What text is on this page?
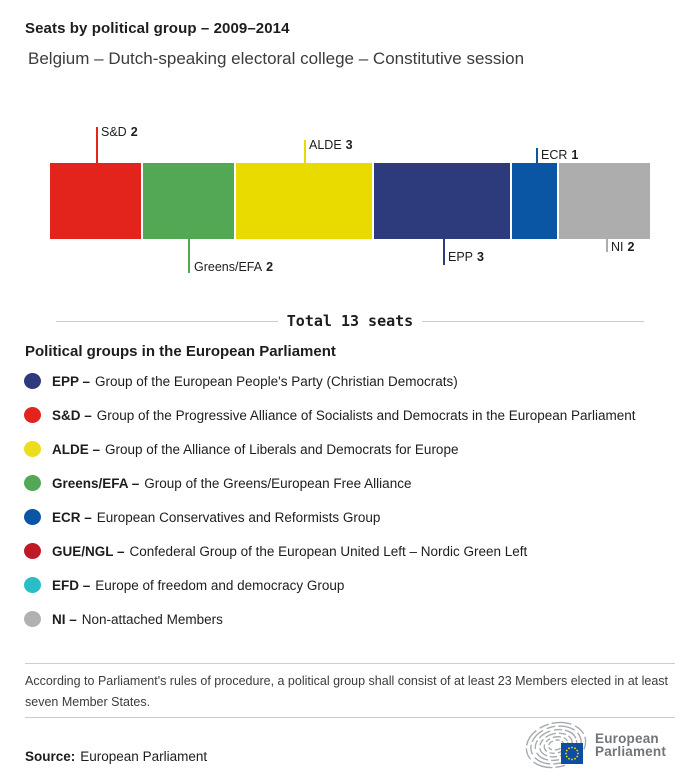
Seats by political group – 2009–2014
Belgium – Dutch-speaking electoral college – Constitutive session
S&D 2
Greens/EFA 2
ALDE 3
EPP 3
ECR 1
NI 2
Total 13 seats
Political groups in the European Parliament
EPP – Group of the European People's Party (Christian Democrats)
S&D – Group of the Progressive Alliance of Socialists and Democrats in the European Parliament
ALDE – Group of the Alliance of Liberals and Democrats for Europe
Greens/EFA – Group of the Greens/European Free Alliance
ECR – European Conservatives and Reformists Group
GUE/NGL – Confederal Group of the European United Left – Nordic Green Left
EFD – Europe of freedom and democracy Group
NI – Non-attached Members

According to Parliament's rules of procedure, a political group shall consist of at least 23 Members elected in at least seven Member States.

Source: European Parliament

European
Parliament
